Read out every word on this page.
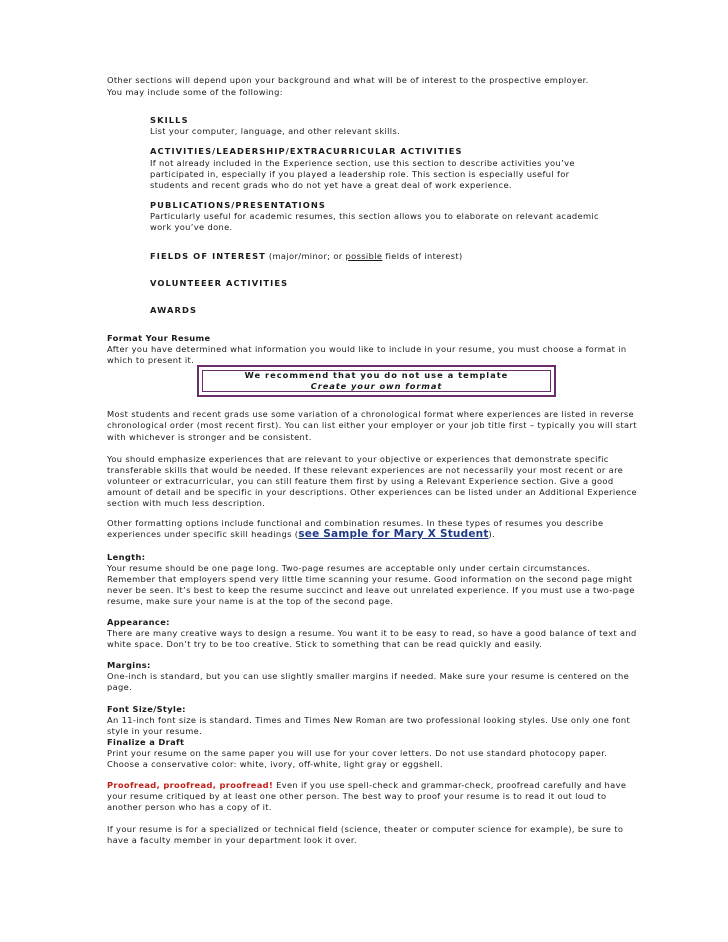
Other sections will depend upon your background and what will be of interest to the prospective employer.
You may include some of the following:
SKILLS
List your computer, language, and other relevant skills.
ACTIVITIES/LEADERSHIP/EXTRACURRICULAR ACTIVITIES
If not already included in the Experience section, use this section to describe activities you’ve
participated in, especially if you played a leadership role. This section is especially useful for
students and recent grads who do not yet have a great deal of work experience.
PUBLICATIONS/PRESENTATIONS
Particularly useful for academic resumes, this section allows you to elaborate on relevant academic
work you’ve done.
FIELDS OF INTEREST (major/minor; or possible fields of interest)
VOLUNTEEER ACTIVITIES
AWARDS
Format Your Resume
After you have determined what information you would like to include in your resume, you must choose a format in
which to present it.
We recommend that you do not use a template
Create your own format
Most students and recent grads use some variation of a chronological format where experiences are listed in reverse
chronological order (most recent first). You can list either your employer or your job title first – typically you will start
with whichever is stronger and be consistent.
You should emphasize experiences that are relevant to your objective or experiences that demonstrate specific
transferable skills that would be needed. If these relevant experiences are not necessarily your most recent or are
volunteer or extracurricular, you can still feature them first by using a Relevant Experience section. Give a good
amount of detail and be specific in your descriptions. Other experiences can be listed under an Additional Experience
section with much less description.
Other formatting options include functional and combination resumes. In these types of resumes you describe
experiences under specific skill headings (see Sample for Mary X Student).
Length:
Your resume should be one page long. Two-page resumes are acceptable only under certain circumstances.
Remember that employers spend very little time scanning your resume. Good information on the second page might
never be seen. It’s best to keep the resume succinct and leave out unrelated experience. If you must use a two-page
resume, make sure your name is at the top of the second page.
Appearance:
There are many creative ways to design a resume. You want it to be easy to read, so have a good balance of text and
white space. Don’t try to be too creative. Stick to something that can be read quickly and easily.
Margins:
One-inch is standard, but you can use slightly smaller margins if needed. Make sure your resume is centered on the
page.
Font Size/Style:
An 11-inch font size is standard. Times and Times New Roman are two professional looking styles. Use only one font
style in your resume.
Finalize a Draft
Print your resume on the same paper you will use for your cover letters. Do not use standard photocopy paper.
Choose a conservative color: white, ivory, off-white, light gray or eggshell.
Proofread, proofread, proofread! Even if you use spell-check and grammar-check, proofread carefully and have
your resume critiqued by at least one other person. The best way to proof your resume is to read it out loud to
another person who has a copy of it.
If your resume is for a specialized or technical field (science, theater or computer science for example), be sure to
have a faculty member in your department look it over.
